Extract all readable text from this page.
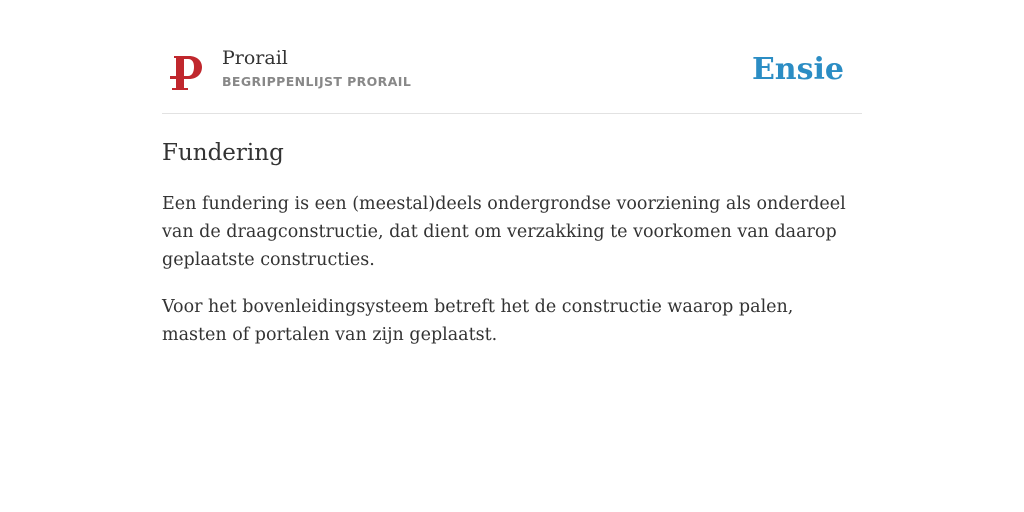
Prorail
BEGRIPPENLIJST PRORAIL	Ensie
Fundering

Een fundering is een (meestal)deels ondergrondse voorziening als onderdeel van de draagconstructie, dat dient om verzakking te voorkomen van daarop geplaatste constructies.

Voor het bovenleidingsysteem betreft het de constructie waarop palen, masten of portalen van zijn geplaatst.
